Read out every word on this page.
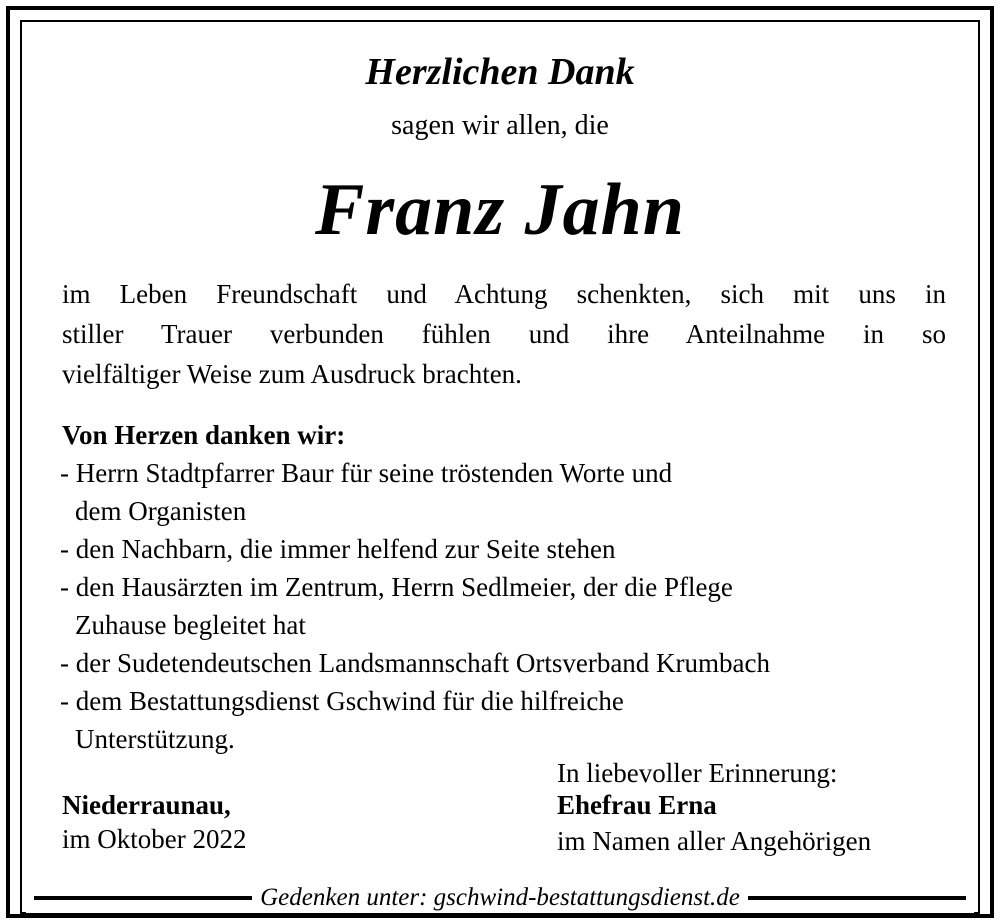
Herzlichen Dank

sagen wir allen, die

Franz Jahn
im Leben Freundschaft und Achtung schenkten, sich mit uns in
stiller Trauer verbunden fühlen und ihre Anteilnahme in so
vielfältiger Weise zum Ausdruck brachten.

Von Herzen danken wir:

- Herrn Stadtpfarrer Baur für seine tröstenden Worte und
dem Organisten
- den Nachbarn, die immer helfend zur Seite stehen
- den Hausärzten im Zentrum, Herrn Sedlmeier, der die Pflege
Zuhause begleitet hat
- der Sudetendeutschen Landsmannschaft Ortsverband Krumbach
- dem Bestattungsdienst Gschwind für die hilfreiche
Unterstützung.

Niederraunau,

im Oktober 2022

In liebevoller Erinnerung:

Ehefrau Erna

im Namen aller Angehörigen

Gedenken unter: gschwind-bestattungsdienst.de
